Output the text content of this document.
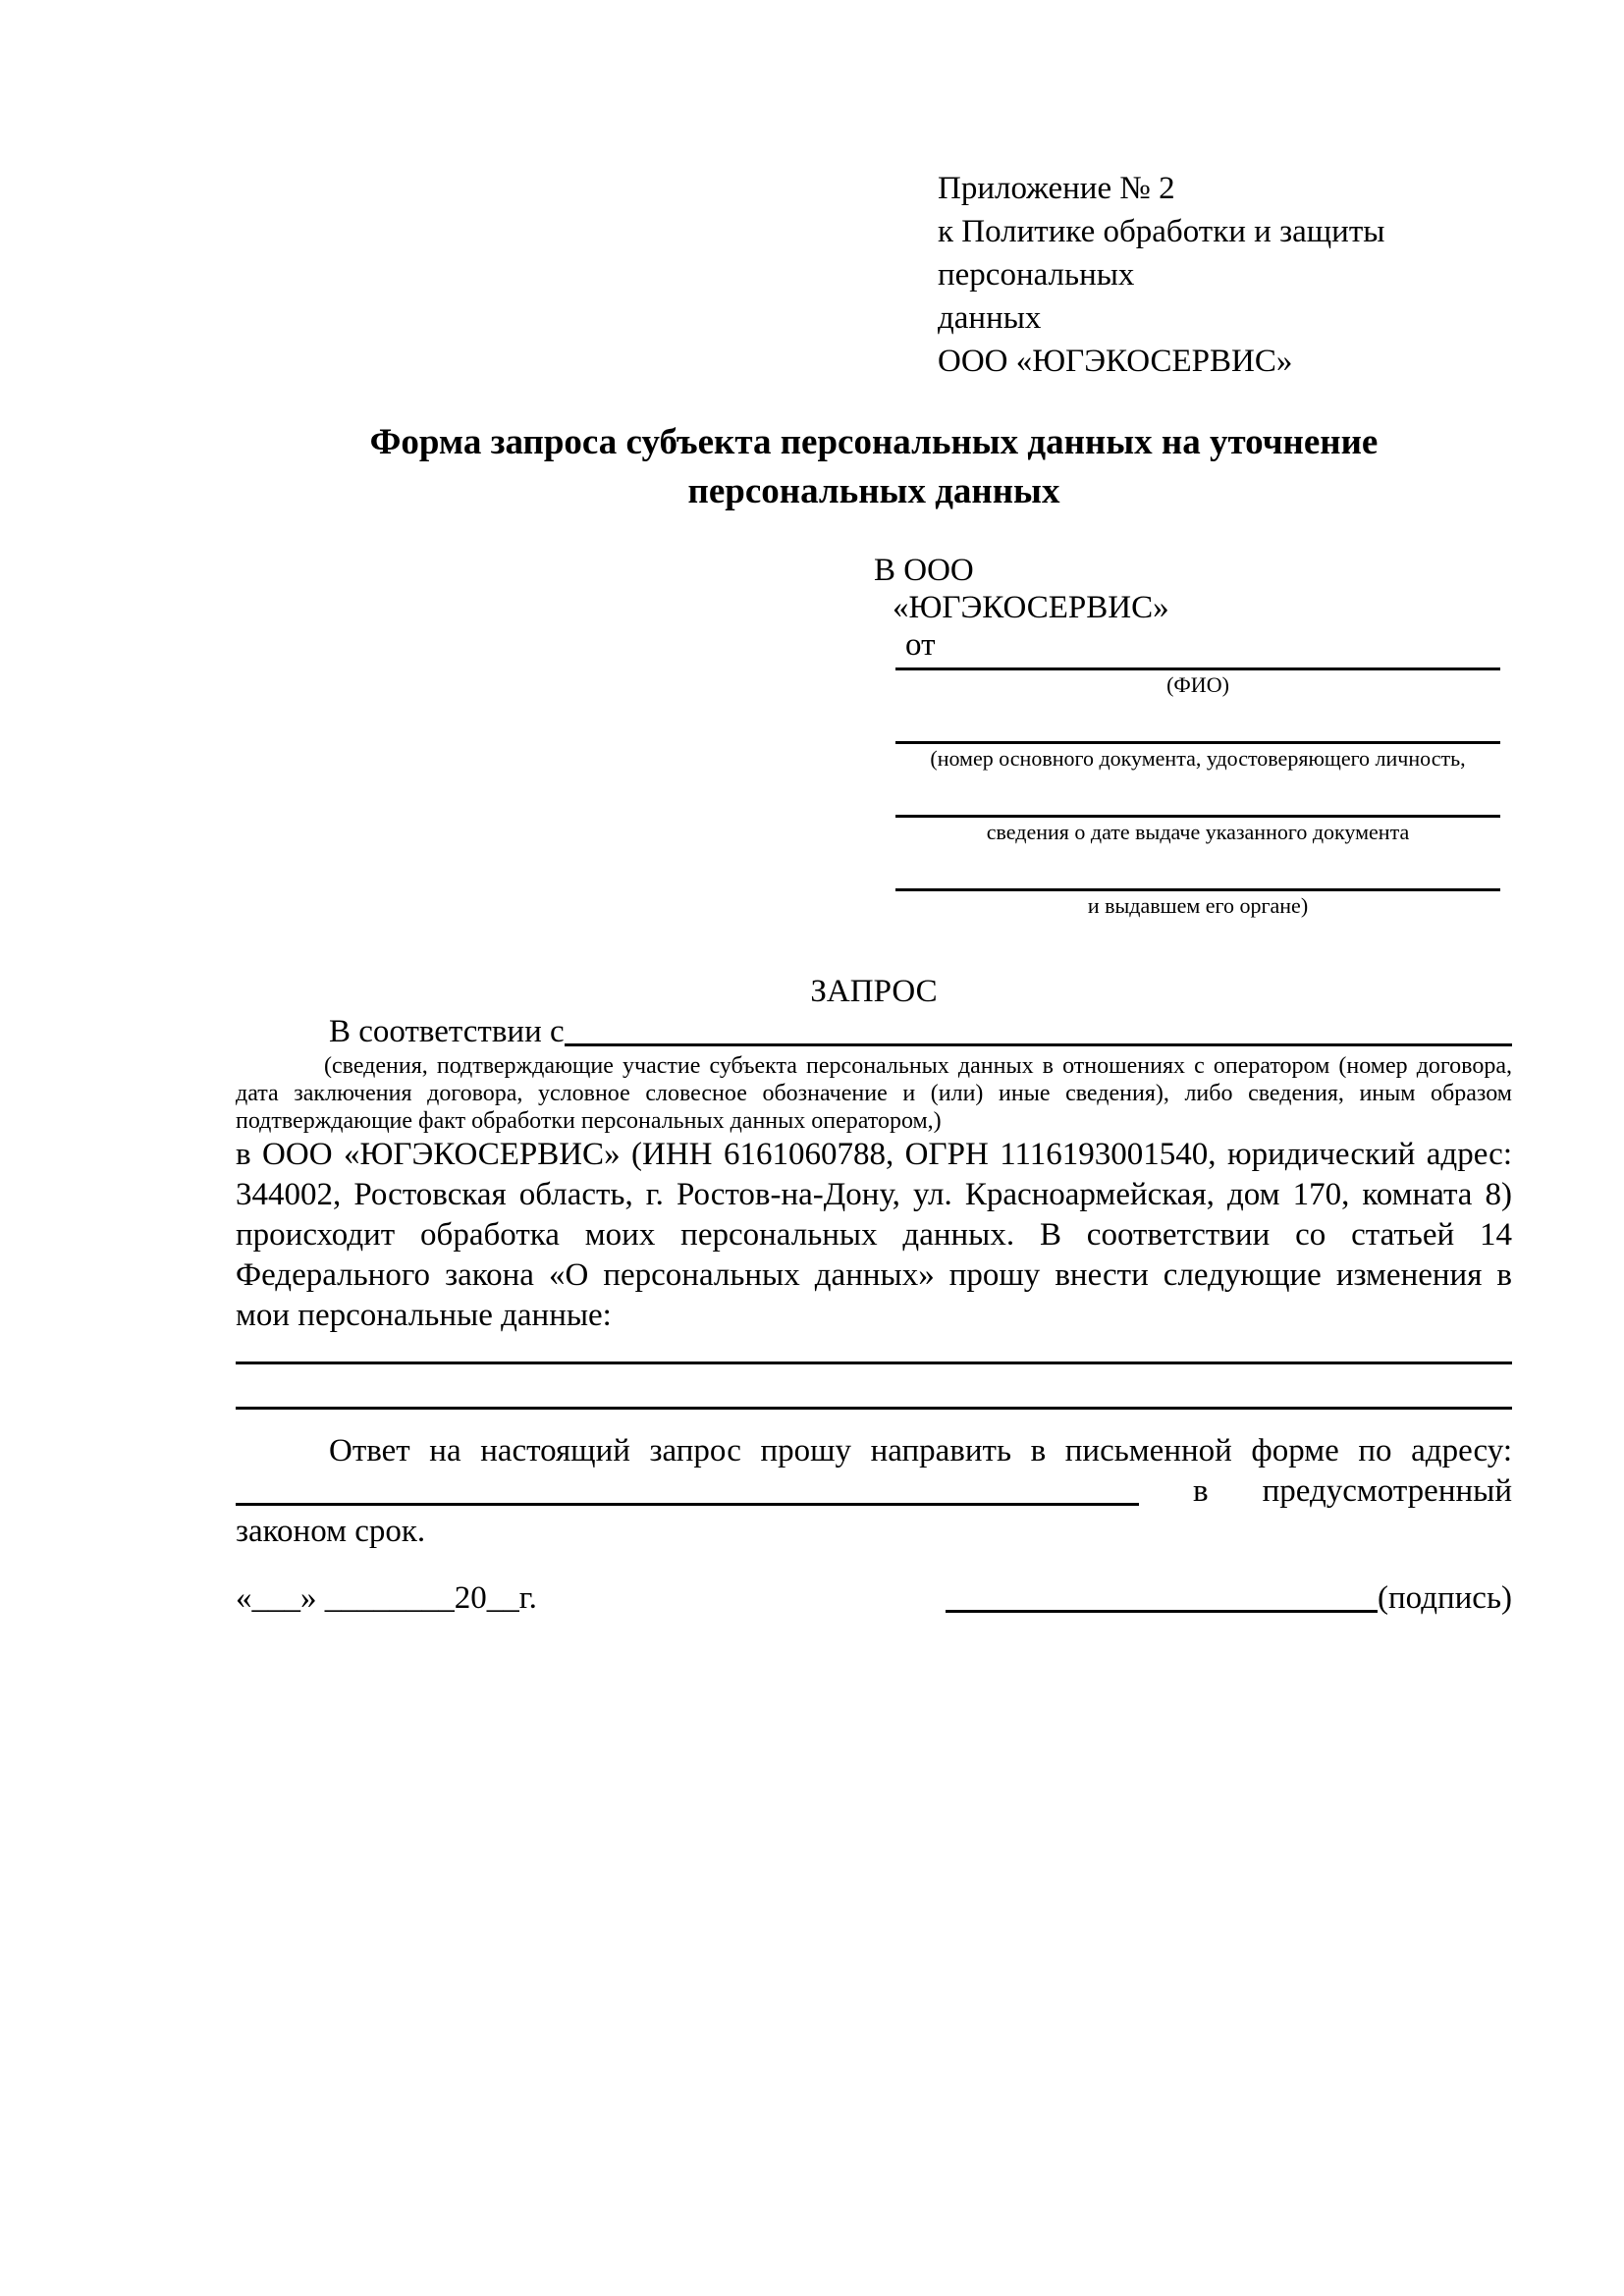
Приложение № 2
к Политике обработки и защиты персональных
данных
ООО «ЮГЭКОСЕРВИС»
Форма запроса субъекта персональных данных на уточнение
персональных данных
В ООО
«ЮГЭКОСЕРВИС»
от
(ФИО)
(номер основного документа, удостоверяющего личность,
сведения о дате выдаче указанного документа
и выдавшем его органе)
ЗАПРОС
В соответствии с
(сведения, подтверждающие участие субъекта персональных данных в отношениях с оператором (номер договора, дата заключения договора, условное словесное обозначение и (или) иные сведения), либо сведения, иным образом подтверждающие факт обработки персональных данных оператором,)
в ООО «ЮГЭКОСЕРВИС» (ИНН 6161060788, ОГРН 1116193001540, юридический адрес: 344002, Ростовская область, г. Ростов-на-Дону, ул. Красноармейская, дом 170, комната 8) происходит обработка моих персональных данных. В соответствии со статьей 14 Федерального закона «О персональных данных» прошу внести следующие изменения в мои персональные данные:
Ответ на настоящий запрос прошу направить в письменной форме по адресу:
в предусмотренный
законом срок.
«___» ________20__г.	(подпись)
